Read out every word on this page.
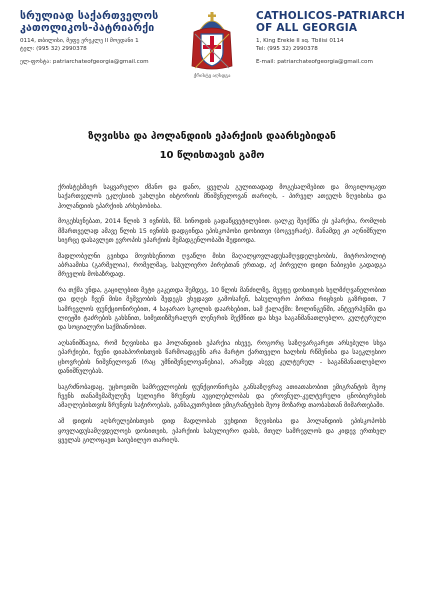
სრულიად საქართველოს
კათოლიკოს-პატრიარქი
0114, თბილისი, მეფე ერეკლე II მოედანი 1
ტელ: (995 32) 2990378
ელ-ფოსტა: patriarchateofgeorgia@gmail.com
ქრისტე აღსდგა
CATHOLICOS-PATRIARCH
OF ALL GEORGIA
1, King Erekle II sq. Tbilisi 0114
Tel: (995 32) 2990378
E-mail: patriarchateofgeorgia@gmail.com
ზღვისსა და ჰოლანდიის ეპარქიის დაარსებიდან
10 წლისთავის გამო

ქრისტესმიერ საყვარელო ძმანო და დანო, ყველას გულითადად მოგესალმებით და მოგილოცავთ საქართველოს ეკლესიის უახლესი ისტორიის მნიშვნელოვან თარიღს, - პირველ ათეულს ზღვისისა და ჰოლანდიის ეპარქიის არსებობისა.

მოგეხსენებათ, 2014 წლის 3 ივნისს, წმ. სინოდის გადაწყვეტილებით. ცალკე შეიქმნა ეს ეპარქია, რომლის მმართველად ამავე წლის 15 ივნისს დადგინდა ეპისკოპოსი დოსითეი (ბოგვერაძე). მანამდე კი აღნიშნული სიერცე დასავლეთ ევროპის ეპარქიის შემადგენლობაში შედიოდა.

მადლობელნი გვიხდა მოვიხსენიოთ ღვაწლი მისი მაღალყოვლადუსამღვდელესობის, მიტროპოლიტ აბრაამისა (გარმელია), რომელმაც, სასულიერო პირებთან ერთად, აქ პირველი დიდი ნაბიჯები გადადგა მრევლის მოსაზრდად.

რა თქმა უნდა, გაცილებით მეტი გაკეთდა შემდეგ, 10 წლის მანძილზე, მეუფე დოსითეის ხელმძღვანელობით და დღეს ჩვენ მისი მეშვეობის შედეგს ვხედავთ გამოსაჩენ, სასულიერო პირთა რიცხვის გაზრდით, 7 სამრევლოს ფუნქციონირებით, 4 საჯარაო სკოლის დაარსებით, სამ ქალაქში: ზოლინგენში, ანტვერპენში და ლიეჟში ტაძრების გახსნით, სიმეთიზმურალურ ლენერის შექმნით და სხვა საგანმანათლებლო, კულტურული და სოციალური საქმიანობით.

აღსანიშნავია, რომ ზღვისისა და ჰოლანდიის ეპარქია ისევე, როგორც საზღვარგარეთ არსებული სხვა ეპარქიები, ჩვენი დიასპორისთვის წარმოადგენს არა მარტო ქართველი ხალხის რწმენისა და საეკლესიო ცხოვრების ნიშვნელოვან (რაც უმნიშვნელოვანესია), არამედ ასევე კულტურულ - საგანმანათლებლო დანიშნულებას.

საგრძნობადაც, უცხოეთში სამრევლოების ფუნქციონირება განსაზღვრავ ათიათასობით ემიგრანტის მეოჯ ჩვენს თანამემამულეზე სულიერი ზრუნვის აუცილებლობას და ეროვნულ-კულტურული ცნობიერების ამაღლებისთვის ზრუნვის საჭიროებას, განსაკუთრებით ემიგრანტების შეოჯ მოზარდ თაობასთან მიმართებაში.

ამ დიდის აღსრულებისთვის დიდ მადლობას ვუხდით ზღვისისა და ჰოლანდიის ეპისკოპოსს ყოვლადუსამღვდელოეს დოსითეის, ეპარქიის სასულიერო დასს, მთელ სამრევლოს და კიდევ ერთხელ ყველას გილოცავთ საიუბილეო თარიღს.
